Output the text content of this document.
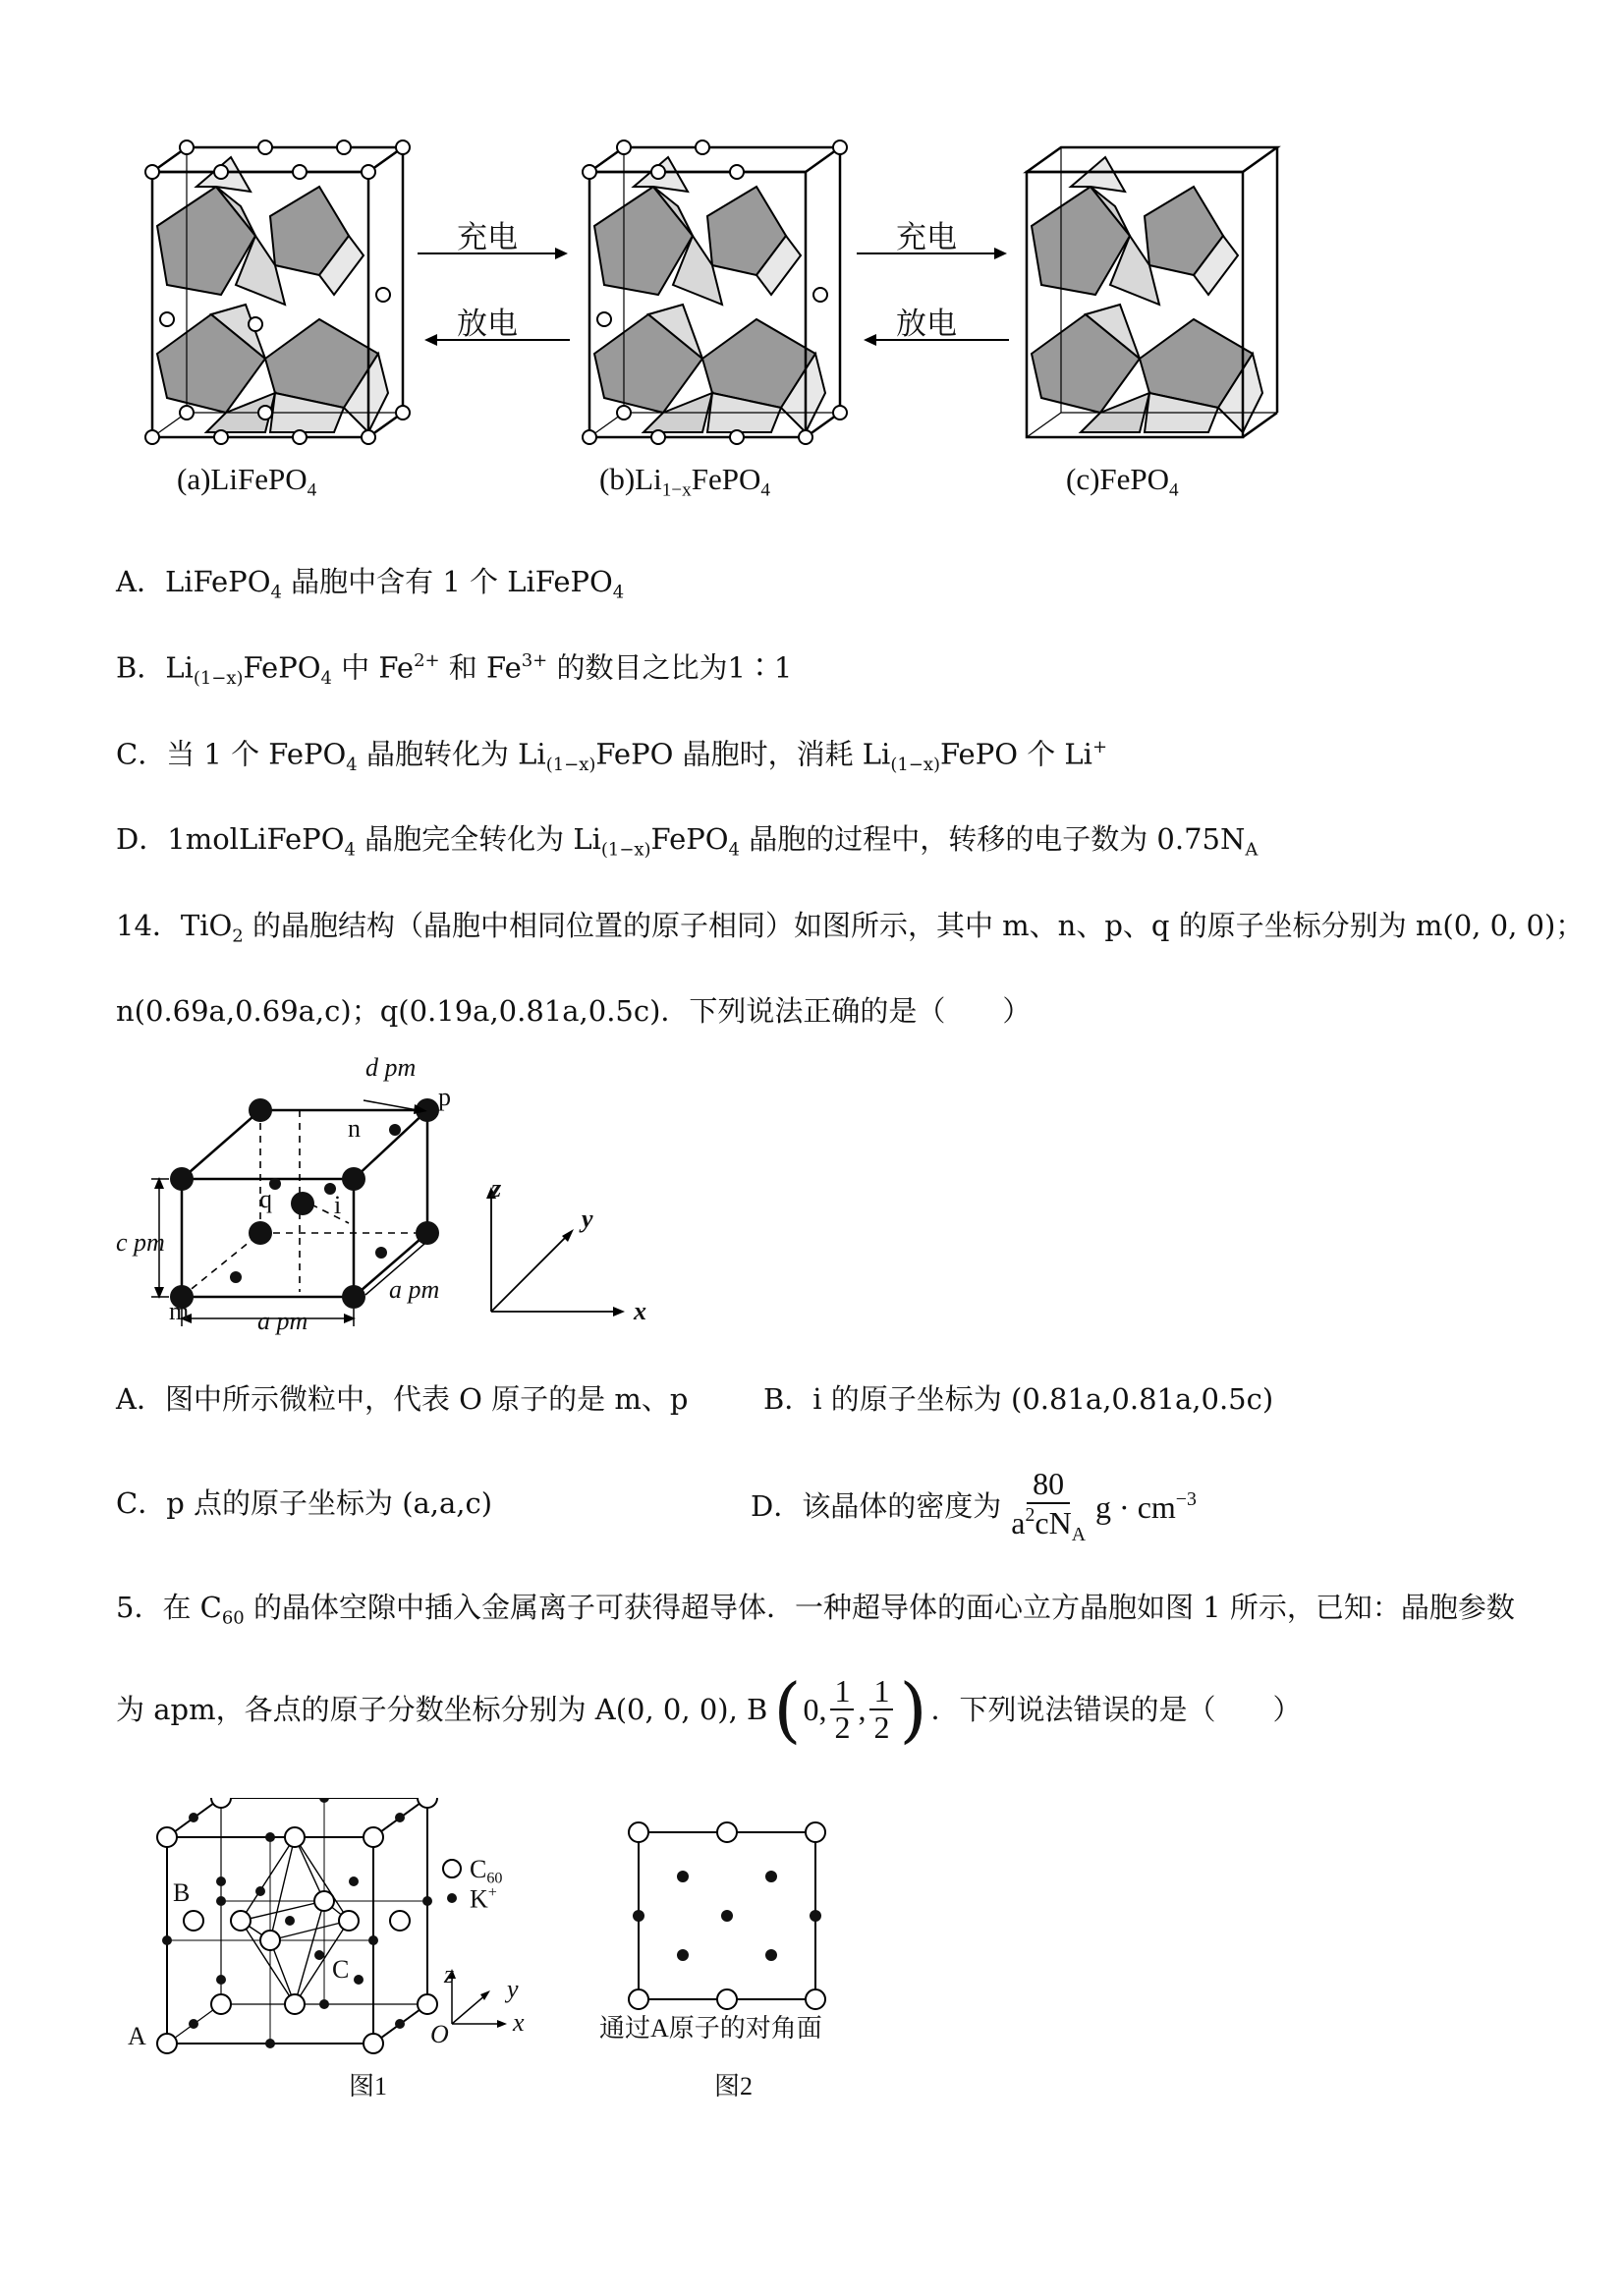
充电
放电
充电
放电
(a)LiFePO$_4$	$(b)Li_{1-x}FePO_4$	(c)FePO$_4$
A．LiFePO$_4$ 晶胞中含有 1 个 LiFePO$_4$
B．$Li_{(1-x)}FePO_4$ 中 $Fe^{2+}$ 和 $Fe^{3+}$ 的数目之比为1∶1
C．当 1 个 FePO$_4$ 晶胞转化为 $Li_{(1-x)}FePO$ 晶胞时，消耗 $Li_{(1-x)}FePO$ 个 Li+
D．1molLiFePO$_4$ 晶胞完全转化为 $Li_{(1-x)}FePO_4$ 晶胞的过程中，转移的电子数为 $0.75N_A$
14．TiO$_2$ 的晶胞结构（晶胞中相同位置的原子相同）如图所示，其中 m、n、p、q 的原子坐标分别为 m(0, 0, 0)；
n(0.69a,0.69a,c)；q(0.19a,0.81a,0.5c)．下列说法正确的是（　　）
d pm
p
n
q i
c pm
a pm
a pm
m
z
y
x
A．图中所示微粒中，代表 O 原子的是 m、p	B．i 的原子坐标为 (0.81a,0.81a,0.5c)
C．p 点的原子坐标为 (a,a,c)	D．该晶体的密度为
80
$a^2cN_A$
$g \cdot cm^{-3}$
5．在 $C_{60}$ 的晶体空隙中插入金属离子可获得超导体．一种超导体的面心立方晶胞如图 1 所示，已知：晶胞参数
为 apm，各点的原子分数坐标分别为 A(0, 0, 0), B ( 0,
1
2 ,
1
2 ) ．下列说法错误的是（　　）
B
C
A
$C_{60}$
K+
z
y
x
O	通过A原子的对角面
图1	图2
